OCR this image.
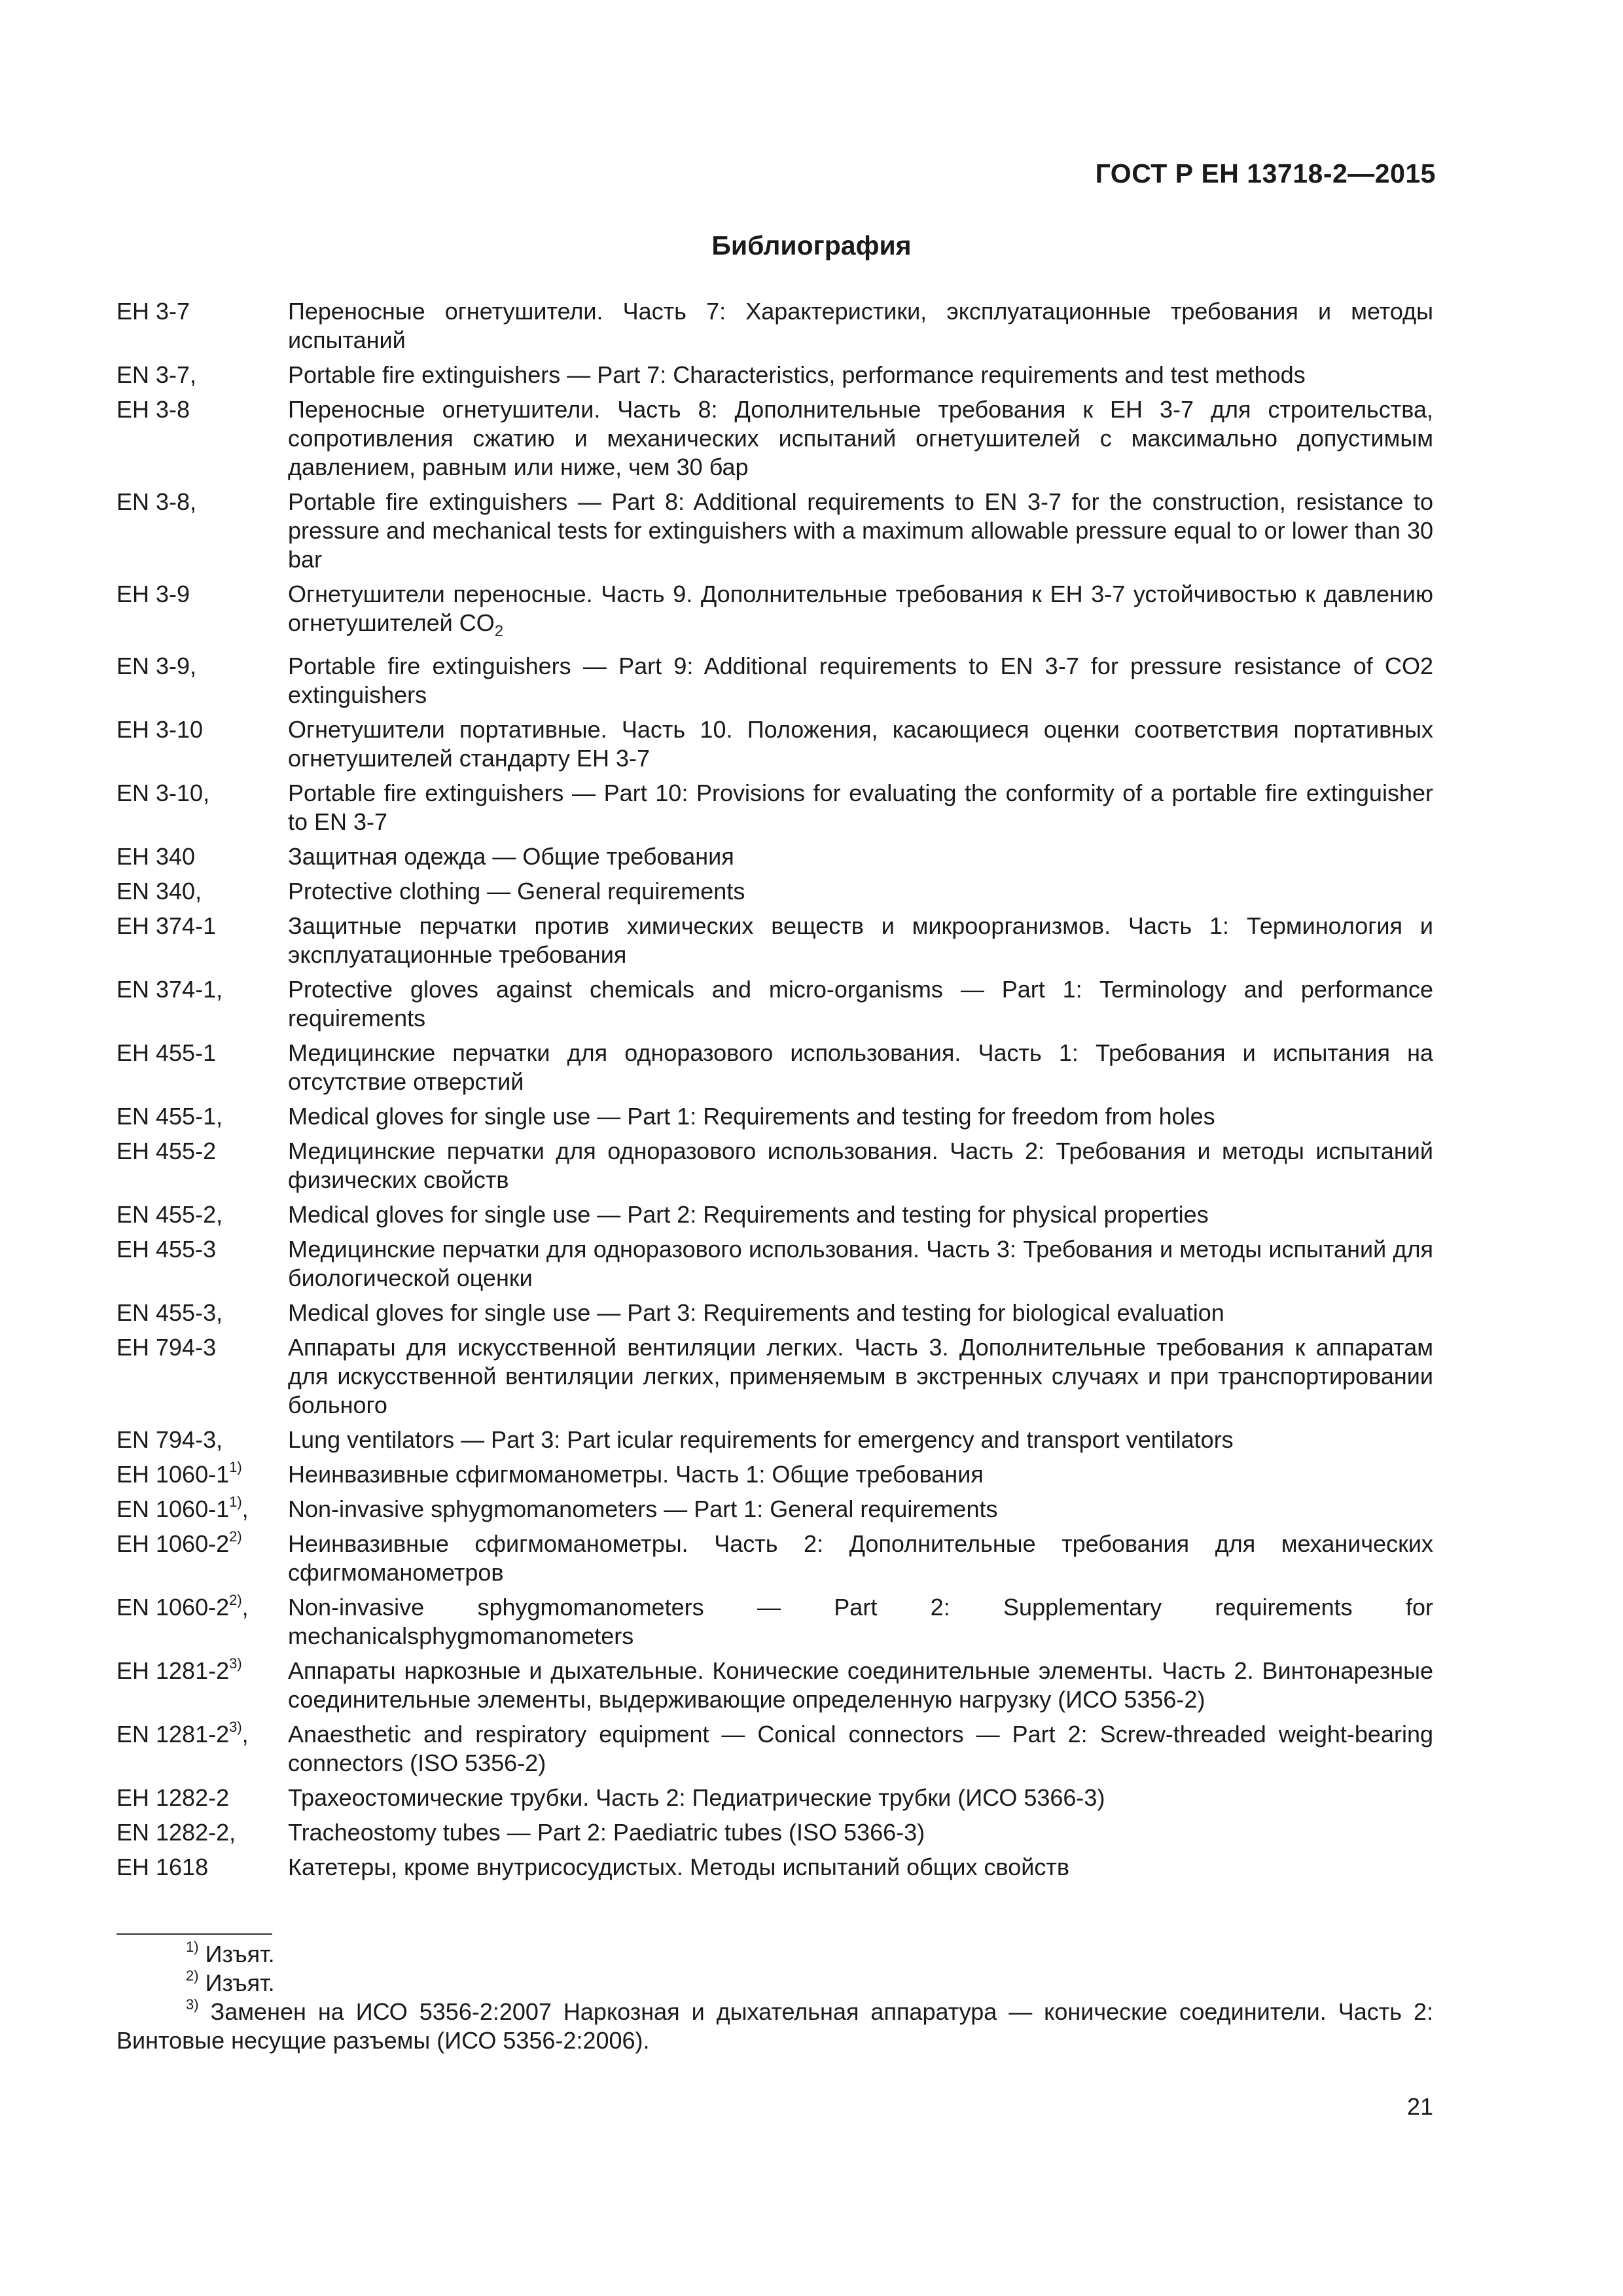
ГОСТ Р ЕН 13718-2—2015
Библиография
ЕН 3-7	Переносные огнетушители. Часть 7: Характеристики, эксплуатационные требования и методы испытаний
EN 3-7,	Portable fire extinguishers — Part 7: Characteristics, performance requirements and test methods
ЕН 3-8	Переносные огнетушители. Часть 8: Дополнительные требования к ЕН 3-7 для строительства, сопротивления сжатию и механических испытаний огнетушителей с максимально допустимым давлением, равным или ниже, чем 30 бар
EN 3-8,	Portable fire extinguishers — Part 8: Additional requirements to EN 3-7 for the construction, resistance to pressure and mechanical tests for extinguishers with a maximum allowable pressure equal to or lower than 30 bar
ЕН 3-9	Огнетушители переносные. Часть 9. Дополнительные требования к ЕН 3-7 устойчивостью к давлению огнетушителей $CO_2$
EN 3-9,	Portable fire extinguishers — Part 9: Additional requirements to EN 3-7 for pressure resistance of CO2 extinguishers
ЕН 3-10	Огнетушители портативные. Часть 10. Положения, касающиеся оценки соответствия портативных огнетушителей стандарту ЕН 3-7
EN 3-10,	Portable fire extinguishers — Part 10: Provisions for evaluating the conformity of a portable fire extinguisher to EN 3-7
ЕН 340	Защитная одежда — Общие требования
EN 340,	Protective clothing — General requirements
ЕН 374-1	Защитные перчатки против химических веществ и микроорганизмов. Часть 1: Терминология и эксплуатационные требования
EN 374-1,	Protective gloves against chemicals and micro-organisms — Part 1: Terminology and performance requirements
ЕН 455-1	Медицинские перчатки для одноразового использования. Часть 1: Требования и испытания на отсутствие отверстий
EN 455-1,	Medical gloves for single use — Part 1: Requirements and testing for freedom from holes
ЕН 455-2	Медицинские перчатки для одноразового использования. Часть 2: Требования и методы испытаний физических свойств
EN 455-2,	Medical gloves for single use — Part 2: Requirements and testing for physical properties
ЕН 455-3	Медицинские перчатки для одноразового использования. Часть 3: Требования и методы испытаний для биологической оценки
EN 455-3,	Medical gloves for single use — Part 3: Requirements and testing for biological evaluation
ЕН 794-3	Аппараты для искусственной вентиляции легких. Часть 3. Дополнительные требования к аппаратам для искусственной вентиляции легких, применяемым в экстренных случаях и при транспортировании больного
EN 794-3,	Lung ventilators — Part 3: Part icular requirements for emergency and transport ventilators
ЕН 1060-1$^{1)}$	Неинвазивные сфигмоманометры. Часть 1: Общие требования
EN 1060-1$^{1)}$,	Non-invasive sphygmomanometers — Part 1: General requirements
ЕН 1060-2$^{2)}$	Неинвазивные сфигмоманометры. Часть 2: Дополнительные требования для механических сфигмоманометров
EN 1060-2$^{2)}$,	Non-invasive sphygmomanometers — Part 2: Supplementary requirements for mechanicalsphygmomanometers
ЕН 1281-2$^{3)}$	Аппараты наркозные и дыхательные. Конические соединительные элементы. Часть 2. Винтонарезные соединительные элементы, выдерживающие определенную нагрузку (ИСО 5356-2)
EN 1281-2$^{3)}$,	Anaesthetic and respiratory equipment — Conical connectors — Part 2: Screw-threaded weight-bearing connectors (ISO 5356-2)
ЕН 1282-2	Трахеостомические трубки. Часть 2: Педиатрические трубки (ИСО 5366-3)
EN 1282-2,	Tracheostomy tubes — Part 2: Paediatric tubes (ISO 5366-3)
ЕН 1618	Катетеры, кроме внутрисосудистых. Методы испытаний общих свойств
$^{1)}$ Изъят.
$^{2)}$ Изъят.
$^{3)}$ Заменен на ИСО 5356-2:2007 Наркозная и дыхательная аппаратура — конические соединители. Часть 2: Винтовые несущие разъемы (ИСО 5356-2:2006).
21
